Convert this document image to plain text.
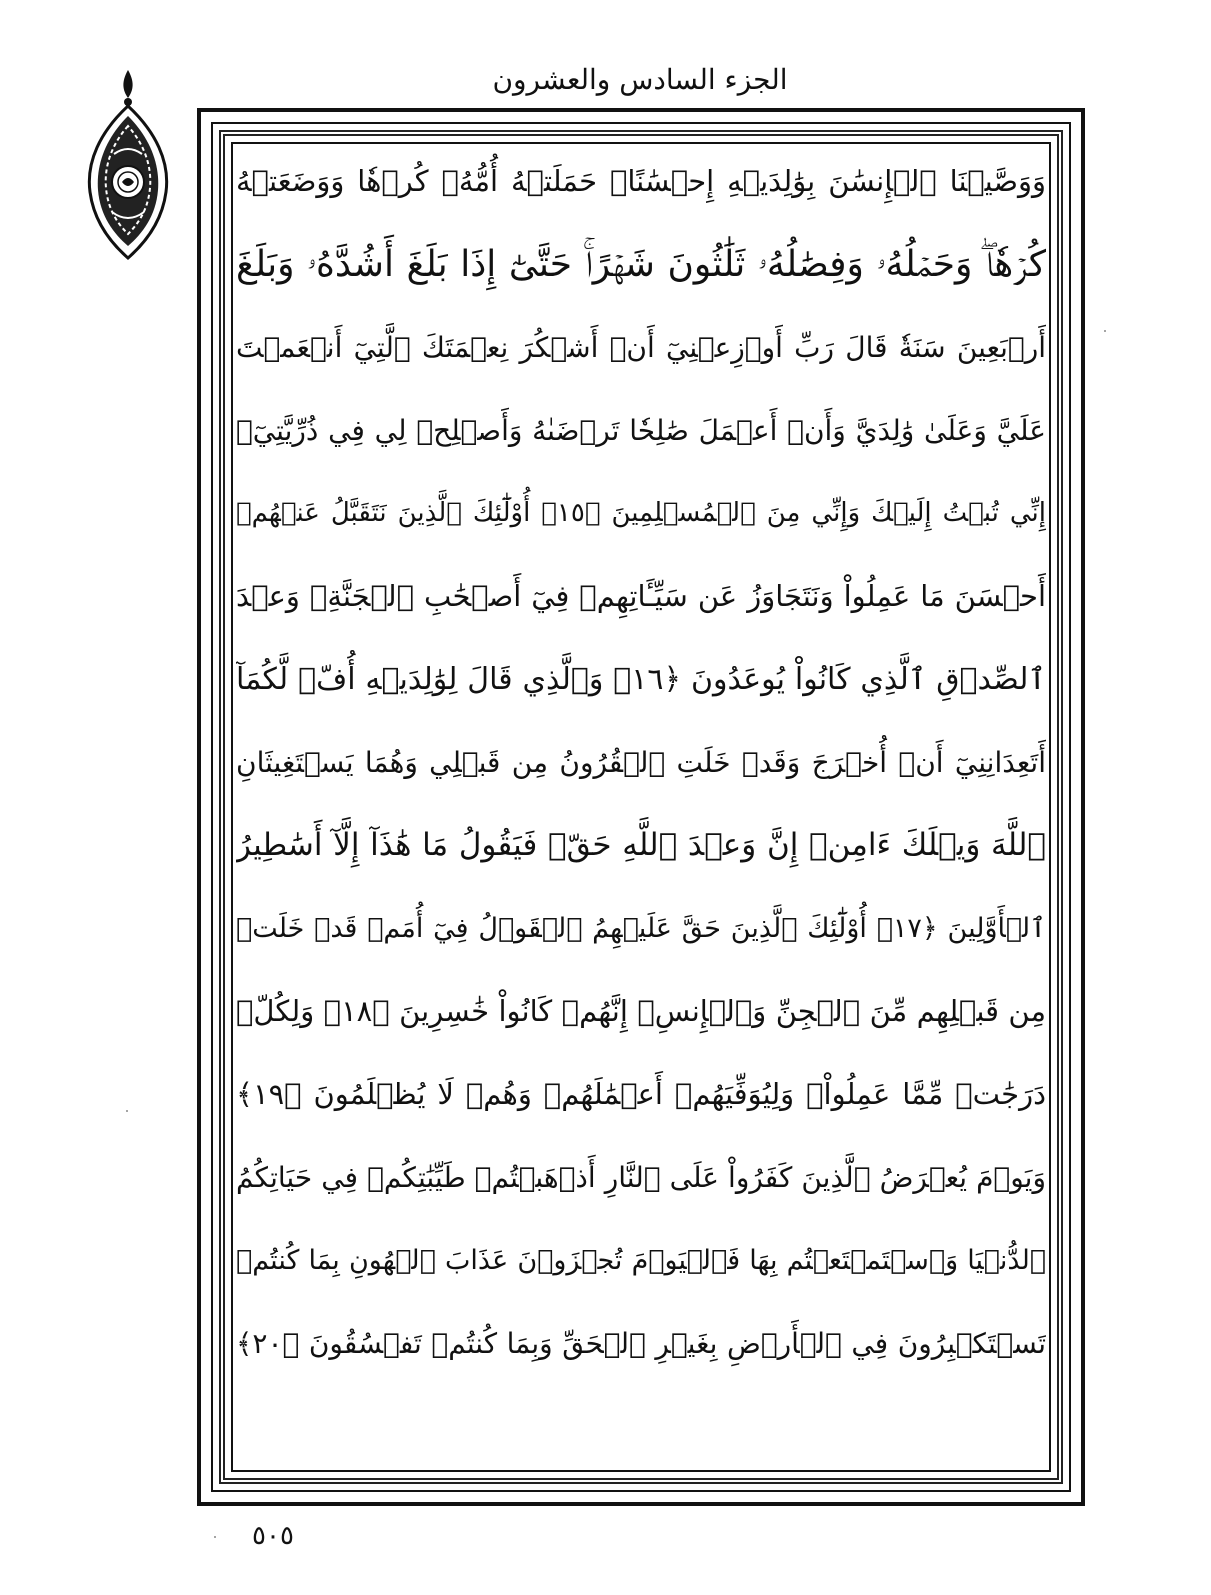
الجزء السادس والعشرون
وَوَصَّيۡنَا ٱلۡإِنسَٰنَ بِوَٰلِدَيۡهِ إِحۡسَٰنًاۖ حَمَلَتۡهُ أُمُّهُۥ كُرۡهٗا وَوَضَعَتۡهُ
كُرۡهٗاۖ وَحَمۡلُهُۥ وَفِصَٰلُهُۥ ثَلَٰثُونَ شَهۡرًاۚ حَتَّىٰٓ إِذَا بَلَغَ أَشُدَّهُۥ وَبَلَغَ
أَرۡبَعِينَ سَنَةٗ قَالَ رَبِّ أَوۡزِعۡنِيٓ أَنۡ أَشۡكُرَ نِعۡمَتَكَ ٱلَّتِيٓ أَنۡعَمۡتَ
عَلَيَّ وَعَلَىٰ وَٰلِدَيَّ وَأَنۡ أَعۡمَلَ صَٰلِحٗا تَرۡضَىٰهُ وَأَصۡلِحۡ لِي فِي ذُرِّيَّتِيٓۖ
إِنِّي تُبۡتُ إِلَيۡكَ وَإِنِّي مِنَ ٱلۡمُسۡلِمِينَ ﴿١٥﴾ أُوْلَٰٓئِكَ ٱلَّذِينَ نَتَقَبَّلُ عَنۡهُمۡ
أَحۡسَنَ مَا عَمِلُواْ وَنَتَجَاوَزُ عَن سَيِّـَٔاتِهِمۡ فِيٓ أَصۡحَٰبِ ٱلۡجَنَّةِۖ وَعۡدَ
ٱلصِّدۡقِ ٱلَّذِي كَانُواْ يُوعَدُونَ ﴿١٦﴾ وَٱلَّذِي قَالَ لِوَٰلِدَيۡهِ أُفّٖ لَّكُمَآ
أَتَعِدَانِنِيٓ أَنۡ أُخۡرَجَ وَقَدۡ خَلَتِ ٱلۡقُرُونُ مِن قَبۡلِي وَهُمَا يَسۡتَغِيثَانِ
ٱللَّهَ وَيۡلَكَ ءَامِنۡ إِنَّ وَعۡدَ ٱللَّهِ حَقّٞ فَيَقُولُ مَا هَٰذَآ إِلَّآ أَسَٰطِيرُ
ٱلۡأَوَّلِينَ ﴿١٧﴾ أُوْلَٰٓئِكَ ٱلَّذِينَ حَقَّ عَلَيۡهِمُ ٱلۡقَوۡلُ فِيٓ أُمَمٖ قَدۡ خَلَتۡ
مِن قَبۡلِهِم مِّنَ ٱلۡجِنِّ وَٱلۡإِنسِۖ إِنَّهُمۡ كَانُواْ خَٰسِرِينَ ﴿١٨﴾ وَلِكُلّٖ
دَرَجَٰتٞ مِّمَّا عَمِلُواْۖ وَلِيُوَفِّيَهُمۡ أَعۡمَٰلَهُمۡ وَهُمۡ لَا يُظۡلَمُونَ ﴿١٩﴾
وَيَوۡمَ يُعۡرَضُ ٱلَّذِينَ كَفَرُواْ عَلَى ٱلنَّارِ أَذۡهَبۡتُمۡ طَيِّبَٰتِكُمۡ فِي حَيَاتِكُمُ
ٱلدُّنۡيَا وَٱسۡتَمۡتَعۡتُم بِهَا فَٱلۡيَوۡمَ تُجۡزَوۡنَ عَذَابَ ٱلۡهُونِ بِمَا كُنتُمۡ
تَسۡتَكۡبِرُونَ فِي ٱلۡأَرۡضِ بِغَيۡرِ ٱلۡحَقِّ وَبِمَا كُنتُمۡ تَفۡسُقُونَ ﴿٢٠﴾
٥٠٥
